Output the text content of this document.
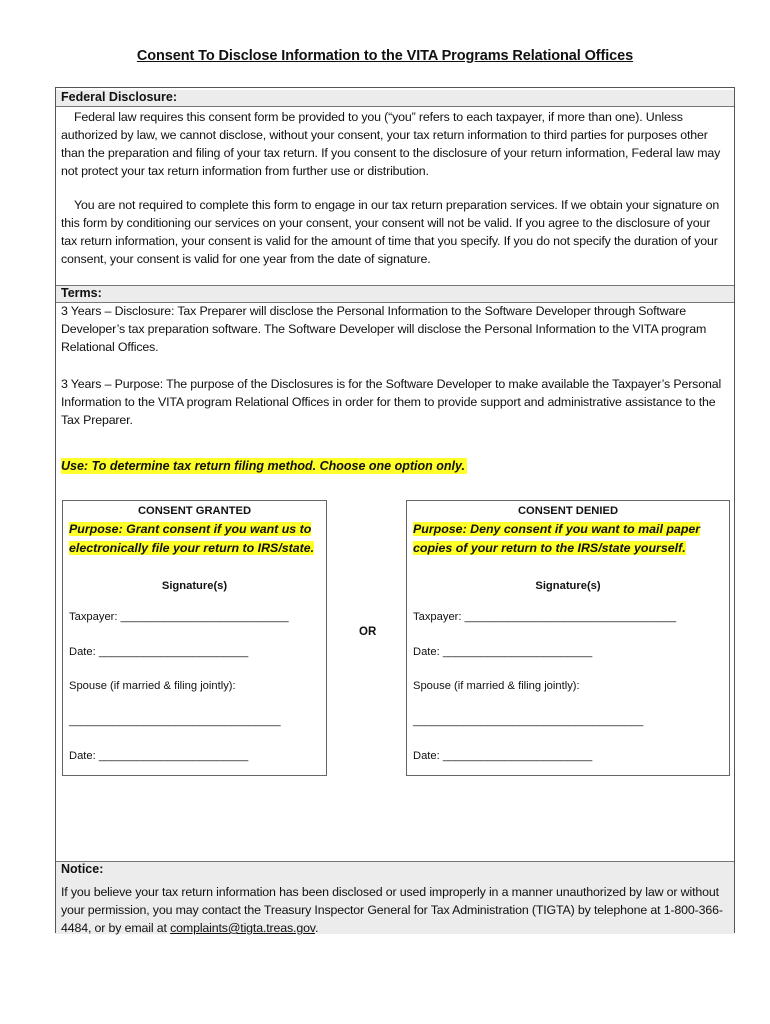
Consent To Disclose Information to the VITA Programs Relational Offices
Federal Disclosure:

Federal law requires this consent form be provided to you (“you” refers to each taxpayer, if more than one). Unless authorized by law, we cannot disclose, without your consent, your tax return information to third parties for purposes other than the preparation and filing of your tax return. If you consent to the disclosure of your return information, Federal law may not protect your tax return information from further use or distribution.

You are not required to complete this form to engage in our tax return preparation services. If we obtain your signature on this form by conditioning our services on your consent, your consent will not be valid. If you agree to the disclosure of your tax return information, your consent is valid for the amount of time that you specify. If you do not specify the duration of your consent, your consent is valid for one year from the date of signature.

Terms:

3 Years – Disclosure: Tax Preparer will disclose the Personal Information to the Software Developer through Software Developer’s tax preparation software. The Software Developer will disclose the Personal Information to the VITA program Relational Offices.

3 Years – Purpose: The purpose of the Disclosures is for the Software Developer to make available the Taxpayer’s Personal Information to the VITA program Relational Offices in order for them to provide support and administrative assistance to the Tax Preparer.

Use: To determine tax return filing method. Choose one option only.
CONSENT GRANTED
Purpose: Grant consent if you want us to electronically file your return to IRS/state.
Signature(s)
Taxpayer: ___________________________
Date: ________________________
Spouse (if married & filing jointly):
__________________________________
Date: ________________________
OR
CONSENT DENIED
Purpose: Deny consent if you want to mail paper copies of your return to the IRS/state yourself.
Signature(s)
Taxpayer: __________________________________
Date: ________________________
Spouse (if married & filing jointly):
_____________________________________
Date: ________________________
Notice:

If you believe your tax return information has been disclosed or used improperly in a manner unauthorized by law or without your permission, you may contact the Treasury Inspector General for Tax Administration (TIGTA) by telephone at 1-800-366-4484, or by email at complaints@tigta.treas.gov.
